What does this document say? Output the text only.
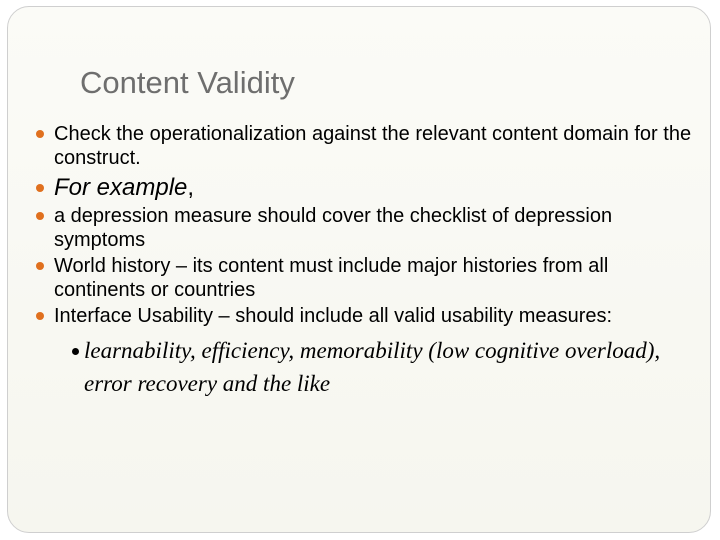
Content Validity
Check the operationalization against the relevant content domain for the construct.
For example,
a depression measure should cover the checklist of depression symptoms
World history – its content must include major histories from all continents or countries
Interface Usability – should include all valid usability measures:
learnability, efficiency, memorability (low cognitive overload), error recovery and the like
